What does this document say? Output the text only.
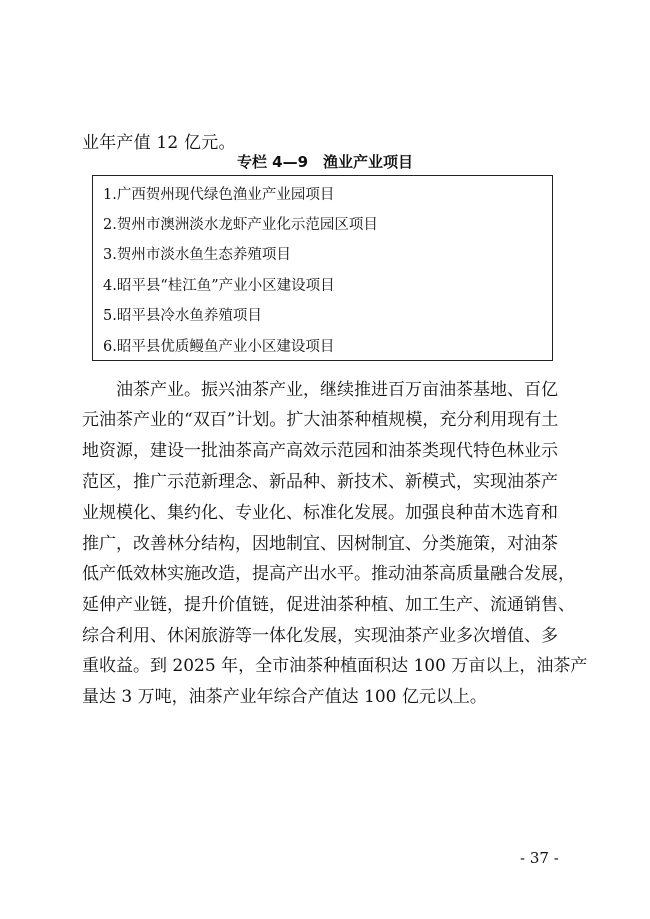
业年产值 12 亿元。
专栏 4—9　渔业产业项目
1.广西贺州现代绿色渔业产业园项目
2.贺州市澳洲淡水龙虾产业化示范园区项目
3.贺州市淡水鱼生态养殖项目
4.昭平县“桂江鱼”产业小区建设项目
5.昭平县冷水鱼养殖项目
6.昭平县优质鳗鱼产业小区建设项目
　　油茶产业。振兴油茶产业，继续推进百万亩油茶基地、百亿
元油茶产业的“双百”计划。扩大油茶种植规模，充分利用现有土
地资源，建设一批油茶高产高效示范园和油茶类现代特色林业示
范区，推广示范新理念、新品种、新技术、新模式，实现油茶产
业规模化、集约化、专业化、标准化发展。加强良种苗木选育和
推广，改善林分结构，因地制宜、因树制宜、分类施策，对油茶
低产低效林实施改造，提高产出水平。推动油茶高质量融合发展，
延伸产业链，提升价值链，促进油茶种植、加工生产、流通销售、
综合利用、休闲旅游等一体化发展，实现油茶产业多次增值、多
重收益。到 2025 年，全市油茶种植面积达 100 万亩以上，油茶产
量达 3 万吨，油茶产业年综合产值达 100 亿元以上。
- 37 -
